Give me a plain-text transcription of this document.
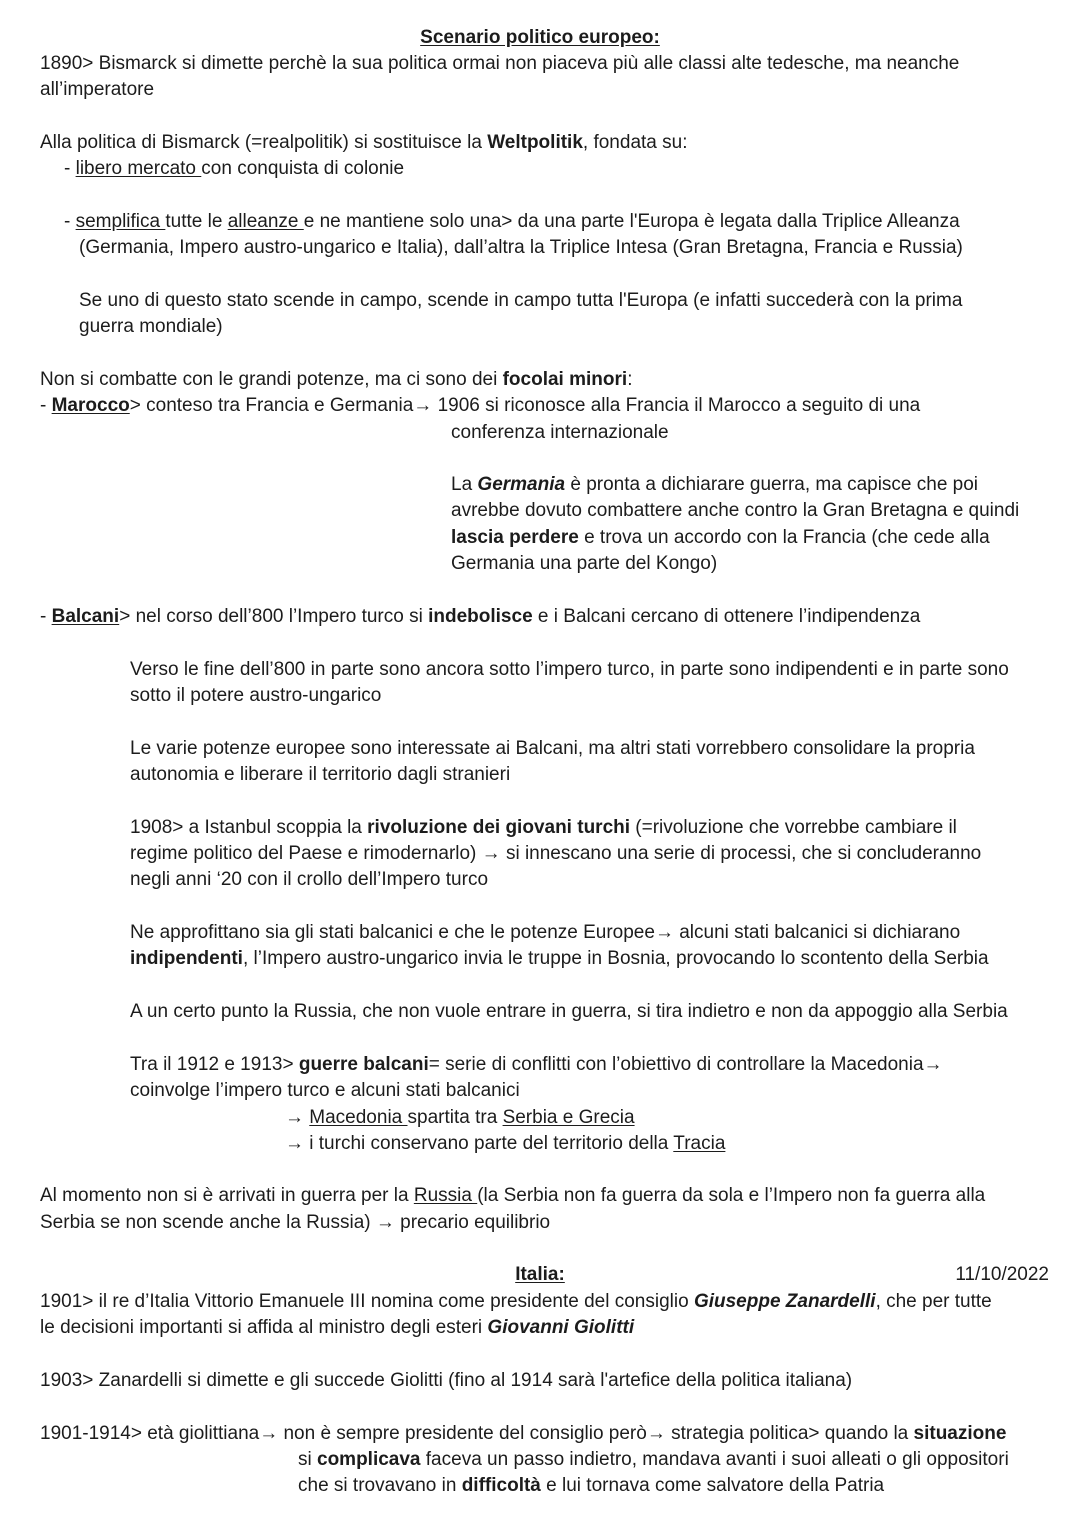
Scenario politico europeo:
1890> Bismarck si dimette perchè la sua politica ormai non piaceva più alle classi alte tedesche, ma neanche
all’imperatore
Alla politica di Bismarck (=realpolitik) si sostituisce la Weltpolitik, fondata su:
- libero mercato con conquista di colonie
- semplifica tutte le alleanze e ne mantiene solo una> da una parte l'Europa è legata dalla Triplice Alleanza
(Germania, Impero austro-ungarico e Italia), dall’altra la Triplice Intesa (Gran Bretagna, Francia e Russia)
Se uno di questo stato scende in campo, scende in campo tutta l'Europa (e infatti succederà con la prima
guerra mondiale)
Non si combatte con le grandi potenze, ma ci sono dei focolai minori:
- Marocco> conteso tra Francia e Germania→ 1906 si riconosce alla Francia il Marocco a seguito di una
conferenza internazionale
La Germania è pronta a dichiarare guerra, ma capisce che poi
avrebbe dovuto combattere anche contro la Gran Bretagna e quindi
lascia perdere e trova un accordo con la Francia (che cede alla
Germania una parte del Kongo)
- Balcani> nel corso dell’800 l’Impero turco si indebolisce e i Balcani cercano di ottenere l’indipendenza
Verso le fine dell’800 in parte sono ancora sotto l’impero turco, in parte sono indipendenti e in parte sono
sotto il potere austro-ungarico
Le varie potenze europee sono interessate ai Balcani, ma altri stati vorrebbero consolidare la propria
autonomia e liberare il territorio dagli stranieri
1908> a Istanbul scoppia la rivoluzione dei giovani turchi (=rivoluzione che vorrebbe cambiare il
regime politico del Paese e rimodernarlo) → si innescano una serie di processi, che si concluderanno
negli anni ‘20 con il crollo dell’Impero turco
Ne approfittano sia gli stati balcanici e che le potenze Europee→ alcuni stati balcanici si dichiarano
indipendenti, l’Impero austro-ungarico invia le truppe in Bosnia, provocando lo scontento della Serbia
A un certo punto la Russia, che non vuole entrare in guerra, si tira indietro e non da appoggio alla Serbia
Tra il 1912 e 1913> guerre balcani= serie di conflitti con l’obiettivo di controllare la Macedonia→
coinvolge l’impero turco e alcuni stati balcanici
→ Macedonia spartita tra Serbia e Grecia
→ i turchi conservano parte del territorio della Tracia
Al momento non si è arrivati in guerra per la Russia (la Serbia non fa guerra da sola e l’Impero non fa guerra alla
Serbia se non scende anche la Russia) → precario equilibrio
Italia:	11/10/2022
1901> il re d’Italia Vittorio Emanuele III nomina come presidente del consiglio Giuseppe Zanardelli, che per tutte
le decisioni importanti si affida al ministro degli esteri Giovanni Giolitti
1903> Zanardelli si dimette e gli succede Giolitti (fino al 1914 sarà l'artefice della politica italiana)
1901-1914> età giolittiana→ non è sempre presidente del consiglio però→ strategia politica> quando la situazione
si complicava faceva un passo indietro, mandava avanti i suoi alleati o gli oppositori
che si trovavano in difficoltà e lui tornava come salvatore della Patria
